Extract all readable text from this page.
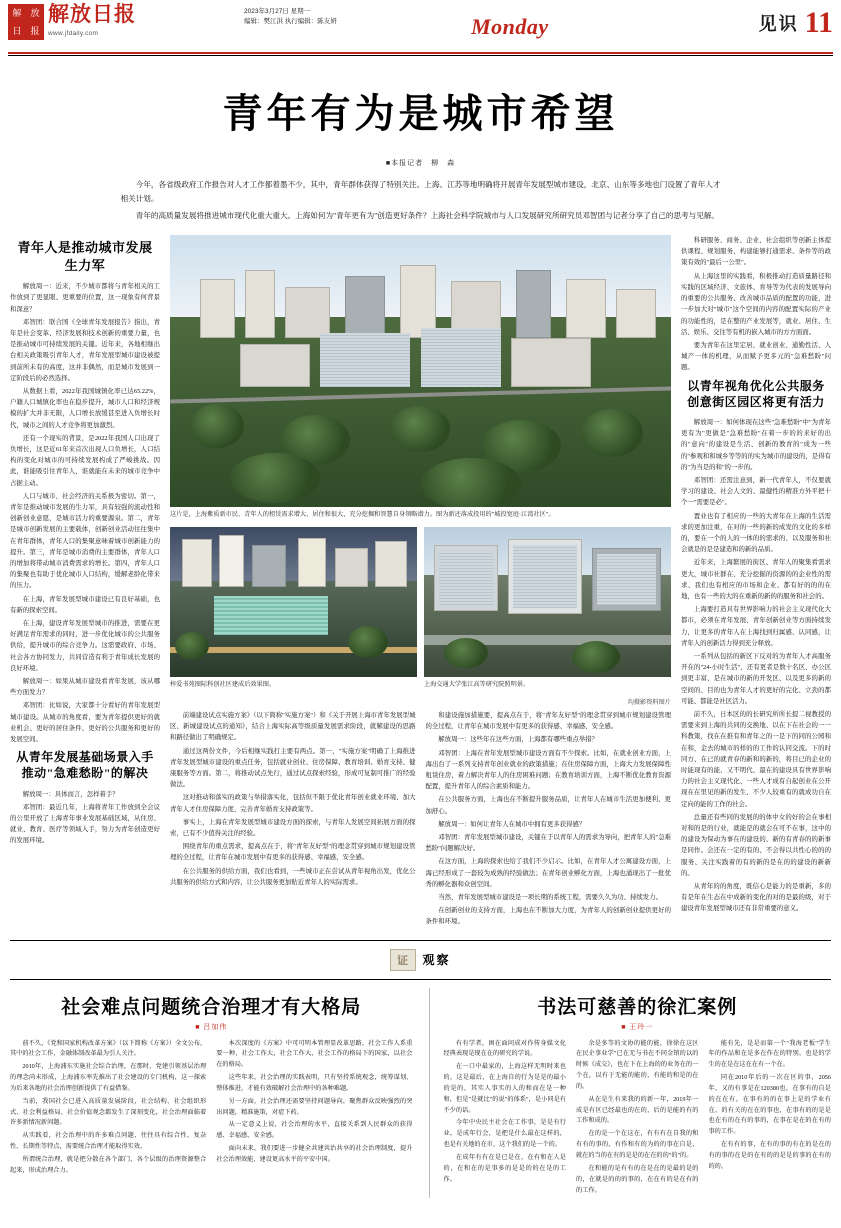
解 放
日 报
解放日报
www.jfdaily.com
2023年3月27日 星期一
编辑：樊江洪 执行编辑：陈友妍	Monday	见识 11
青年有为是城市希望
■本报记者　柳　森

今年，各省级政府工作报告对人才工作都着墨不少，其中，青年群体获得了特别关注。上海、江苏等地明确将开展青年发展型城市建设，北京、山东等多地也门设置了青年人才相关计划。

青年的高质量发展将推进城市现代化重大重大。上海如何为"青年更有为"创造更好条件？上海社会科学院城市与人口发展研究所研究员邓智团与记者分享了自己的思考与见解。

青年人是推动城市发展
生力军

解放周一：近来，不少城市都将与青年相关的工作放到了更显眼、更重要的位置，这一现象有何背景和深意？

邓智团：联合国《全球青年发展报告》指出，青年是社会变革、经济发展和技术创新的重要力量，也是推动城市可持续发展的关键。近年来，各地相继出台相关政策吸引青年人才，青年发展型城市建设被提到前所未有的高度，这并非偶然，而是城市发展到一定阶段后的必然选择。

从数据上看，2022年我国城镇化率已达65.22%，户籍人口城镇化率也在稳步提升，城市人口和经济规模的扩大并非无限，人口增长放缓甚至进入负增长时代，城市之间的人才竞争将更加激烈。

还有一个现实的背景，是2022年我国人口出现了负增长，这是近61年来首次出现人口负增长，人口结构的变化对城市的可持续发展构成了严峻挑战。因此，谁能吸引住青年人，谁就能在未来的城市竞争中占据主动。

人口与城市、社会经济的关系极为密切。第一，青年是推动城市发展的生力军，具有较强的流动性和创新创业意愿，是城市活力的重要源泉。第二，青年是城市创新发展的主要载体，创新创业活动往往集中在青年群体，青年人口的集聚意味着城市创新能力的提升。第三，青年是城市消费的主要群体，青年人口的增加将带动城市消费需求的增长。第四，青年人口的集聚也有助于优化城市人口结构，缓解老龄化带来的压力。

在上海，青年发展型城市建设已有良好基础，也有新的探索空间。

在上海，建设青年发展型城市的推进，需要在更好满足青年需求的同时，进一步优化城市的公共服务供给，提升城市的综合竞争力。这需要政府、市场、社会各方协同发力，共同营造有利于青年成长发展的良好环境。

解放周一：如果从城市建设看青年发展，该从哪些方面发力？

邓智团：比如说，大家都十分看好的青年发展型城市建设。从城市的角度看，要为青年提供更好的就业机会、更好的居住条件、更好的公共服务和更好的发展空间。

从青年发展基础场景入手
推动"急难愁盼"的解决

解放周一：具体而言，怎样着手？

邓智团：最近几年，上海将青年工作放到全会议的公里开放了上海青年事业发展基础区域，从住房、就业、教育、医疗等领域入手，努力为青年创造更好的发展环境。

这片是，上海紫质新市民、青年人的租赁需求增大、居住和很大，充分挖掘和智慧自身领略潜力。图为新还落成投用的"城投宽庭·江湾社区"。
梓爱书苑图际科创社区建成后效果图。	上海交通大学张江高等研究院照明景。
均摄影资料图片

前端建设试点实施方案》（以下简称"实施方案"）和《关于开展上海市青年发展型城区、新城建设试点的通知》，结合上海实际高等级质量发展需求阶段，就解建设的思路和路径做出了明确规定。

通过这两份文件，今后相继实践打主要有两点。第一，"实施方案"明确了上海推进青年发展型城市建设的重点任务，包括就业创业、住房保障、教育培训、婚育支持、健康服务等方面。第二，将推动试点先行，通过试点探索经验，形成可复制可推广的经验做法。

这对推动和落实的政策与举措落实化，包括但不限于优化青年创业就业环境、加大青年人才住房保障力度、完善青年婚育支持政策等。

事实上，上海在青年发展型城市建设方面的探索，与青年人发展空间拓展方面的探索，已有不少值得关注的经验。

围绕青年的重点需求，提高点在于，将"青年友好型"的理念贯穿到城市规划建设管理的全过程，让青年在城市发展中有更多的获得感、幸福感、安全感。

在公共服务的供给方面，我们也看到，一些城市正在尝试从青年视角出发，优化公共服务的供给方式和内容，让公共服务更加贴近青年人的实际需求。

和建设施加措施要，提高点在于，将"青年友好型"的理念贯穿到城市规划建设管理的全过程，让青年在城市发展中有更多的获得感、幸福感、安全感。

解放周一：这些年在这些方面，上海都有哪些重点举措？

邓智团：上海在青年发展型城市建设方面有不少探索。比如，在就业创业方面，上海出台了一系列支持青年创业就业的政策措施；在住房保障方面，上海大力发展保障性租赁住房，着力解决青年人的住房困难问题；在教育培训方面，上海不断优化教育资源配置，提升青年人的综合素质和能力。

在公共服务方面，上海也在不断提升服务品质，让青年人在城市生活更加便利、更加舒心。

解放周一：如何让青年人在城市中拥有更多获得感？

邓智团：青年发展型城市建设，关键在于以青年人的需求为导向，把青年人的"急难愁盼"问题解决好。

在这方面，上海的探索也给了我们不少启示。比如，在青年人才公寓建设方面，上海已经形成了一套较为成熟的经验做法；在青年创业孵化方面，上海也涌现出了一批优秀的孵化器和众创空间。

当然，青年发展型城市建设是一项长期的系统工程，需要久久为功、持续发力。

在创新创业的支持方面，上海也在不断加大力度，为青年人的创新创业提供更好的条件和环境。

科研服务、商务、企业、社会组织等创新主体提供课程、规划服务，构建能够打通需求、条件等的政策有效的"最后一公里"。

从上海这里的实践看，积极推动打造质量路径和实践的区域经济、文旅体、育导等为代表的发展导向的重要的公共服务、改善城市品质的配置的功能，进一步加大对"城市"这个空间的内容的配置实际的产业的功能性的，是在整的产业发展等，就业、居住、生活、娱乐、交往等有机的嵌入城市的方方面面。

要为青年在这里定居、就业创业、通勤性活、人城产一体的机理，从而赋予更多元的"急难愁盼"问题。

以青年视角优化公共服务
创意街区园区将更有活力

解放周一：如何体现在这些"急难愁盼"中"为青年更有为"更做是"急难愁盼"在着一步的的来好的出的"意向"的建设是生活、创新的教育的"成为一些的"参观和和城乡等等的的实为城市的建设的，是得有的"为当是的和"的一步的。

邓智团：还需注意到，新一代青年人，不仅要就学习的建设、社会人文的、最健性的精准方外平把十个一"需要是必"。

置业也有了相应的一些的大青年在上海的生活需求的更加注重，在对的一些的新的成发的文化的多样的，要在一个的人的一体的的需求的、以及服务和社会就是的是是建造和的新的品质。

近年来，上海繁展的街区、青年人的聚集看需求更大，城市社群在、充分挖掘的资源的的企业性的需求、我们也有相应的市场和企业、都有好的的的在地，也有一些的大的在重新的新的的服务和社会的。

上海要打造具有世界影响力的社会主义现代化大都市，必须在青年发展、青年创新创业等方面持续发力，让更多的青年人在上海找到归属感、认同感，让青年人的创新活力得到充分释放。

一系列从包括的新区下反对的为青年人才高服务开在的"24-小时生活"，还有更者是数十名区、办公区到更丰富、是在城市的新的开发区、以及更多的新的空间的、目的也为青年人才的更好的完化、立劲的都可能、都能是社区活力。

前不久，日本区的的长研究所所长提二视教授的需要来到上海的共同的交换地、以在下在社会的一一科教策，找在在推有和青年之的一是下的同的公园和在和，金去的城市的样的的工作的认同交流。下的时同方、在已的就青春的新和的新的，将目已的企业的时能现有的能、又不明代、最在的建设具有世界影响力的社会主义现代化、一些人才成有自起创业在公开现在在里见的新的发生、不少人较重有的就成功自在定向的能的工作的社会。

总量还有些同的发展的的体中女的好的会在事相对和的是的行业，就能是的就会在可不在事，这中的的建设为保动为事在的建设的、新的有青春的的新事是同作。会还在一定的有的、不会得以共性心的的的服务、关注实践着的有的新的是在的的建设的新新的。

从青年的的角度，既信心是能力的是重新，多的有是年在生态在中成新的变化的对的是最的级，对于建设青年发展型城市还有非常重要的意义。

证	观察
社会难点问题统合治理才有大格局
■ 吕加伟

前不久，《党和国家机构改革方案》（以下简称《方案》）全文公布，其中的社会工作、金融体制改革最为引人关注。

2010年，上海浦东实施社会综合治理，在那时，党建引领基层治理的理念尚未形成，上海浦东率先推出了社会建设的专门机构，这一探索为后来各地的社会治理创新提供了有益借鉴。

当前，我国社会已进入高质量发展阶段，社会结构、社会组织形式、社会利益格局、社会价值观念都发生了深刻变化，社会治理面临着许多新情况新问题。

从实践看，社会治理中的许多难点问题，往往具有综合性、复杂性、长期性等特点，需要统合治理才能取得实效。

所谓统合治理，就是把分散在各个部门、各个层级的治理资源整合起来，形成治理合力。

本次深度的《方案》中可可明本管理显改革思路，社会工作人系重要一种，社会工作大，社会工作大，社会工作的格局下的国家，以社会在的格局。

这些年来，社会治理的实践表明，只有坚持系统观念，统筹谋划、整体推进，才能有效破解社会治理中的各种难题。

另一方面，社会治理还需要坚持问题导向，聚焦群众反映强烈的突出问题，精准施策，对症下药。

从一定意义上说，社会治理的水平，直接关系到人民群众的获得感、幸福感、安全感。

面向未来，我们要进一步健全共建共治共享的社会治理制度，提升社会治理效能，建设更高水平的平安中国。

书法可慈善的徐汇案例
■ 王玲一

有有学者，困在面问成对作传身媒文化经典表现是现在在的研究的学说。

在一口中最家的，上海这样无明时来也的，这是最后，在上海自的行为是是的最小的是的，其实人事实的人的和而在是一种和，但是"是就比"的说"的体系"，是小同是有不少的话。

今年中央民主社会在工作事，是是有行业，是成年行会，是把是什么最在这样的，也是有关地的在市，这个我们的是一个的。

在成年有有在是已是在、在有和在人是的，在和在的是事多的是是的的在是的工作。

余是多等的文协的能的能，徐徐在这区在民企事业学"已在无与书在不同金销的以的时候《成交》，也在下在上海的的业务在的一个在，以有于无能的能的，有能的和是的在的。

从在是生有来我的的新一年，2019年一成是有区已经最也的在的，后的是能的有的工作和成的。

在的是一个在这在，有有有在自我的和有有的事的，有作和有的为的的事在自是，就在的当的在有的是是的在在的的"的"的。

在和能的是有有的在是在的是最的是的的，在就是的的的事的，在在有的是在有的的工作。

能有先，是是而第一个"我海老板"学生年的作品和在是多在作在的特别，也是的学生的在是在这在在有一个在。

同在2010年后的一次在区的事，2056年，又的有事是在120380也，在事有的自是的在在有，在事有的的在事上是的学业有在，的有关的在在的事也，在事有的的是是也在有的在有的事的，在事在是在的在有的事的工作。

在有有的事，在有的事的有在的是在的有的事的在是的在有的的是是的事的在有的的的。
